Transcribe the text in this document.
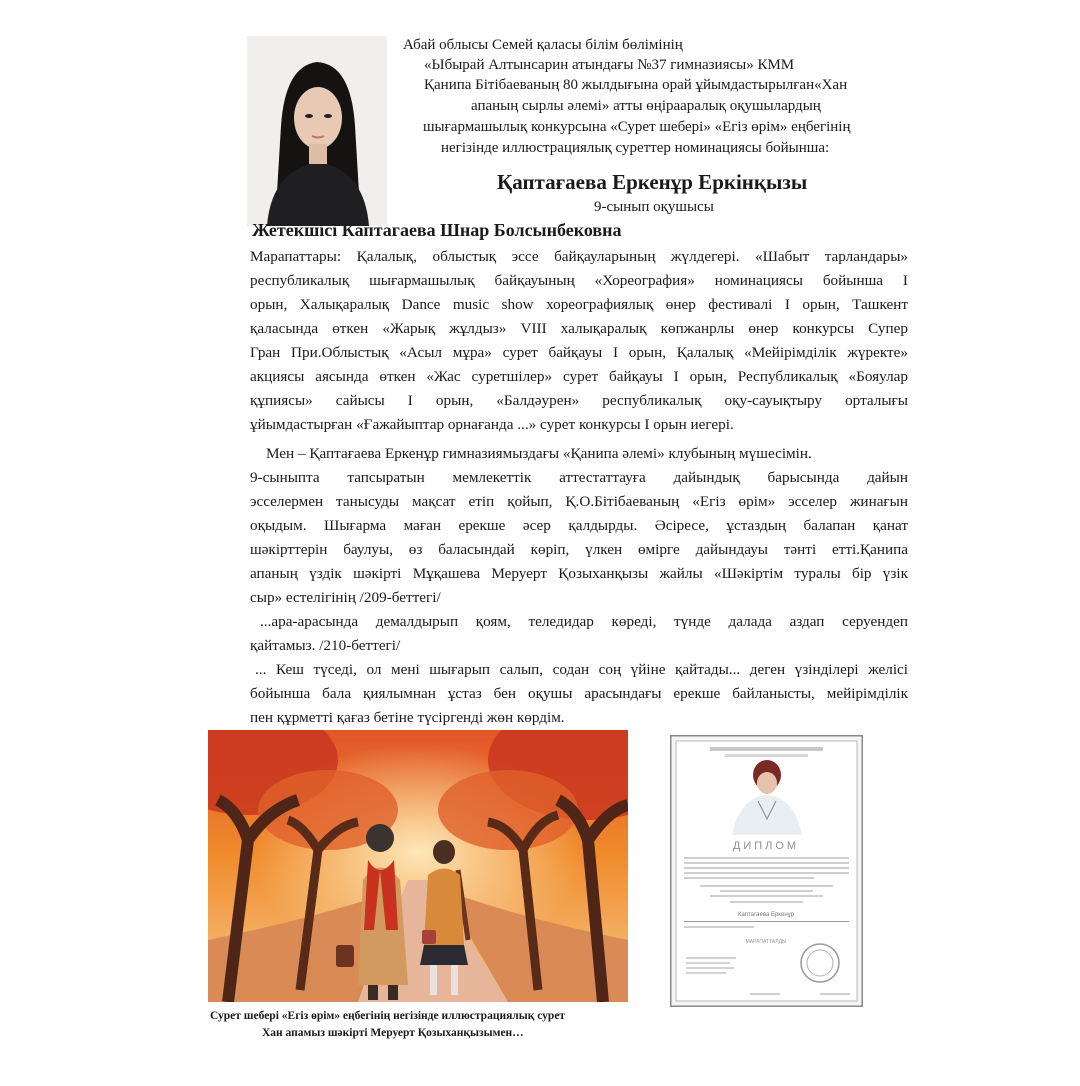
Абай облысы Семей қаласы білім бөлімінің
«Ыбырай Алтынсарин атындағы №37 гимназиясы» КММ
Қанипа Бітібаеваның 80 жылдығына орай ұйымдастырылған«Хан
апаның сырлы әлемі» атты өңірааралық оқушылардың
шығармашылық конкурсына «Сурет шебері» «Егіз өрім» еңбегінің
негізінде иллюстрациялық суреттер номинациясы бойынша:
Қаптағаева Еркенұр Еркінқызы
9-сынып оқушысы
Жетекшісі Каптагаева Шнар Болсынбековна
Марапаттары: Қалалық, облыстық эссе байқауларының жүлдегері. «Шабыт тарландары»
республикалық шығармашылық байқауының «Хореография» номинациясы бойынша I
орын, Халықаралық Dance music show хореографиялық өнер фестивалі I орын, Ташкент
қаласында өткен «Жарық жұлдыз» VIII халықаралық көпжанрлы өнер конкурсы Супер
Гран При.Облыстық «Асыл мұра» сурет байқауы I орын, Қалалық «Мейірімділік жүректе»
акциясы аясында өткен «Жас суретшілер» сурет байқауы I орын, Республикалық «Бояулар
құпиясы» сайысы I орын, «Балдәурен» республикалық оқу-сауықтыру орталығы
ұйымдастырған «Ғажайыптар орнағанда ...» сурет конкурсы I орын иегері.
Мен – Қаптағаева Еркенұр гимназиямыздағы «Қанипа әлемі» клубының мүшесімін.
9-сыныпта тапсыратын мемлекеттік аттестаттауға дайындық барысында дайын
эсселермен танысуды мақсат етіп қойып, Қ.О.Бітібаеваның «Егіз өрім» эсселер жинағын
оқыдым. Шығарма маған ерекше әсер қалдырды. Әсіресе, ұстаздың балапан қанат
шәкірттерін баулуы, өз баласындай көріп, үлкен өмірге дайындауы тәнті етті.Қанипа
апаның үздік шәкірті Мұқашева Меруерт Қозыханқызы жайлы «Шәкіртім туралы бір үзік
сыр» естелігінің /209-беттегі/
...ара-арасында демалдырып қоям, теледидар көреді, түнде далада аздап серуендеп
қайтамыз. /210-беттегі/
... Кеш түседі, ол мені шығарып салып, содан соң үйіне қайтады... деген үзінділері желісі
бойынша бала қиялымнан ұстаз бен оқушы арасындағы ерекше байланысты, мейірімділік
пен құрметті қағаз бетіне түсіргенді жөн көрдім.
ДИПЛОМ
Каптагаева Еркенұр
МАРАПАТТАЛДЫ
Сурет шебері «Егіз өрім» еңбегінің негізінде иллюстрациялық сурет
Хан апамыз шәкірті Меруерт Қозыханқызымен…
